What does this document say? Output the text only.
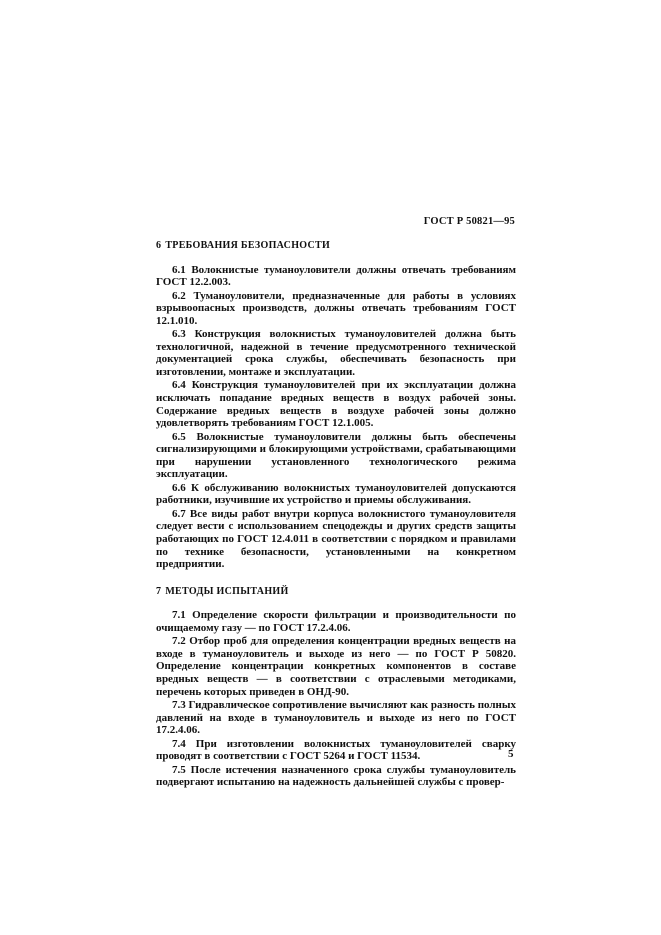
ГОСТ Р 50821—95
6 ТРЕБОВАНИЯ БЕЗОПАСНОСТИ

6.1 Волокнистые туманоуловители должны отвечать требованиям ГОСТ 12.2.003.

6.2 Туманоуловители, предназначенные для работы в условиях взрывоопасных производств, должны отвечать требованиям ГОСТ 12.1.010.

6.3 Конструкция волокнистых туманоуловителей должна быть технологичной, надежной в течение предусмотренного технической документацией срока службы, обеспечивать безопасность при изготовлении, монтаже и эксплуатации.

6.4 Конструкция туманоуловителей при их эксплуатации должна исключать попадание вредных веществ в воздух рабочей зоны. Содержание вредных веществ в воздухе рабочей зоны должно удовлетворять требованиям ГОСТ 12.1.005.

6.5 Волокнистые туманоуловители должны быть обеспечены сигнализирующими и блокирующими устройствами, срабатывающими при нарушении установленного технологического режима эксплуатации.

6.6 К обслуживанию волокнистых туманоуловителей допускаются работники, изучившие их устройство и приемы обслуживания.

6.7 Все виды работ внутри корпуса волокнистого туманоуловителя следует вести с использованием спецодежды и других средств защиты работающих по ГОСТ 12.4.011 в соответствии с порядком и правилами по технике безопасности, установленными на конкретном предприятии.

7 МЕТОДЫ ИСПЫТАНИЙ

7.1 Определение скорости фильтрации и производительности по очищаемому газу — по ГОСТ 17.2.4.06.

7.2 Отбор проб для определения концентрации вредных веществ на входе в туманоуловитель и выходе из него — по ГОСТ Р 50820. Определение концентрации конкретных компонентов в составе вредных веществ — в соответствии с отраслевыми методиками, перечень которых приведен в ОНД-90.

7.3 Гидравлическое сопротивление вычисляют как разность полных давлений на входе в туманоуловитель и выходе из него по ГОСТ 17.2.4.06.

7.4 При изготовлении волокнистых туманоуловителей сварку проводят в соответствии с ГОСТ 5264 и ГОСТ 11534.

7.5 После истечения назначенного срока службы туманоуловитель подвергают испытанию на надежность дальнейшей службы с провер-

5
